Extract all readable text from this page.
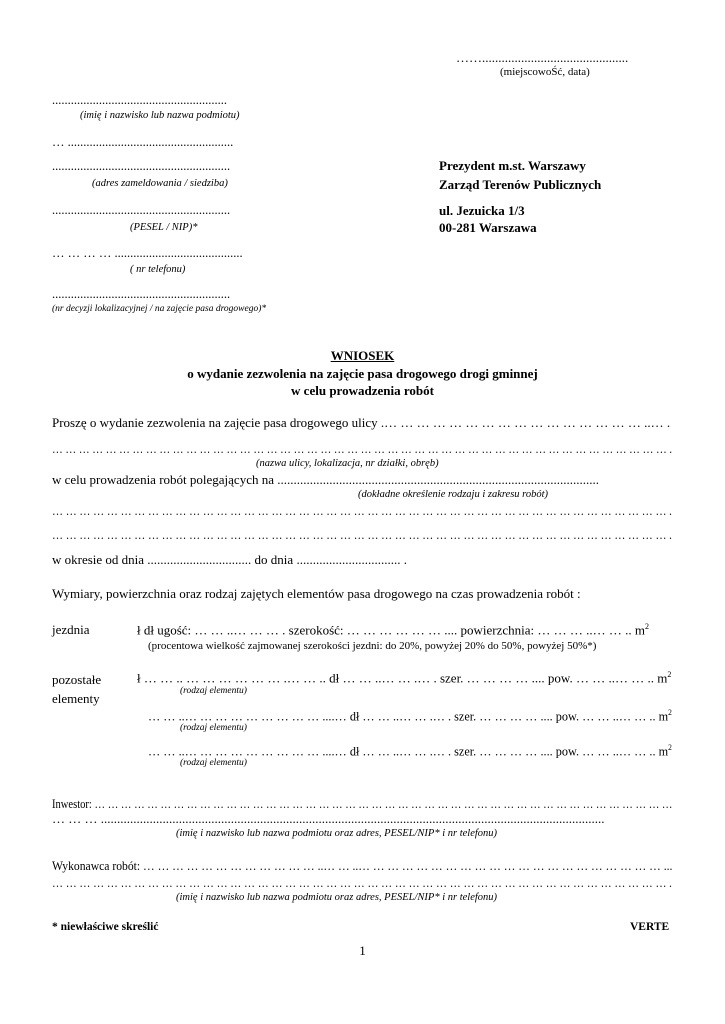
…….............................................
(miejscowoŚć, data)
........................................................
(imię i nazwisko lub nazwa podmiotu)
… .....................................................
.........................................................
(adres zameldowania / siedziba)
.........................................................
(PESEL / NIP)*
… … … … .........................................
( nr telefonu)
.........................................................
(nr decyzji lokalizacyjnej / na zajęcie pasa drogowego)*
Prezydent m.st. Warszawy
Zarząd Terenów Publicznych
ul. Jezuicka 1/3
00-281 Warszawa
WNIOSEK
o wydanie zezwolenia na zajęcie pasa drogowego drogi gminnej
w celu prowadzenia robót
Proszę o wydanie zezwolenia na zajęcie pasa drogowego ulicy .… … … … … … … … … … … … … … … … ..… .
… … … … … … … … … … … … … … … … … … … … … … … … … … … … … … … … … … … … … … … … … … … … … … .
(nazwa ulicy, lokalizacja, nr działki, obręb)
w celu prowadzenia robót polegających na ...................................................................................................
(dokładne określenie rodzaju i zakresu robót)
… … … … … … … … … … … … … … … … … … … … … … … … … … … … … … … … … … … … … … … … … … … … … .
… … … … … … … … … … … … … … … … … … … … … … … … … … … … … … … … … … … … … … … … … … … … … .
w okresie od dnia ................................ do dnia ................................ .
Wymiary, powierzchnia oraz rodzaj zajętych elementów pasa drogowego na czas prowadzenia robót :
jezdnia	ł dł ugość: … … ..… … … . szerokość: … … … … … … .... powierzchnia: … … … ..… … .. $m^2$
(procentowa wielkość zajmowanej szerokości jezdni: do 20%, powyżej 20% do 50%, powyżej 50%*)
pozostałe
elementy
ł … … .. … … … … … … .… … .. dł … … ..… … .… . szer. … … … … .... pow. … … ..… … .. $m^2$
(rodzaj elementu)
… … ..… … … … … … … … … ....… dł … … ..… … .… . szer. … … … … .... pow. … … ..… … .. $m^2$
(rodzaj elementu)
… … ..… … … … … … … … … ....… dł … … ..… … .… . szer. … … … … .... pow. … … ..… … .. $m^2$
(rodzaj elementu)
Inwestor: … … … … … … … … … … … … … … … … … … … … … … … … … … … … … … … … … … … … … … … … … … … …
… … … ...........................................................................................................................................................
(imię i nazwisko lub nazwa podmiotu oraz adres, PESEL/NIP* i nr telefonu)
Wykonawca robót: … … … … … … … … … … … … ..… … ..… … … … … … … … … … … … … … … … … … … … … ...
… … … … … … … … … … … … … … … … … … … … … … … … … … … … … … … … … … … … … … … … … … … … … .
(imię i nazwisko lub nazwa podmiotu oraz adres, PESEL/NIP* i nr telefonu)
* niewłaściwe skreślić	VERTE
1
